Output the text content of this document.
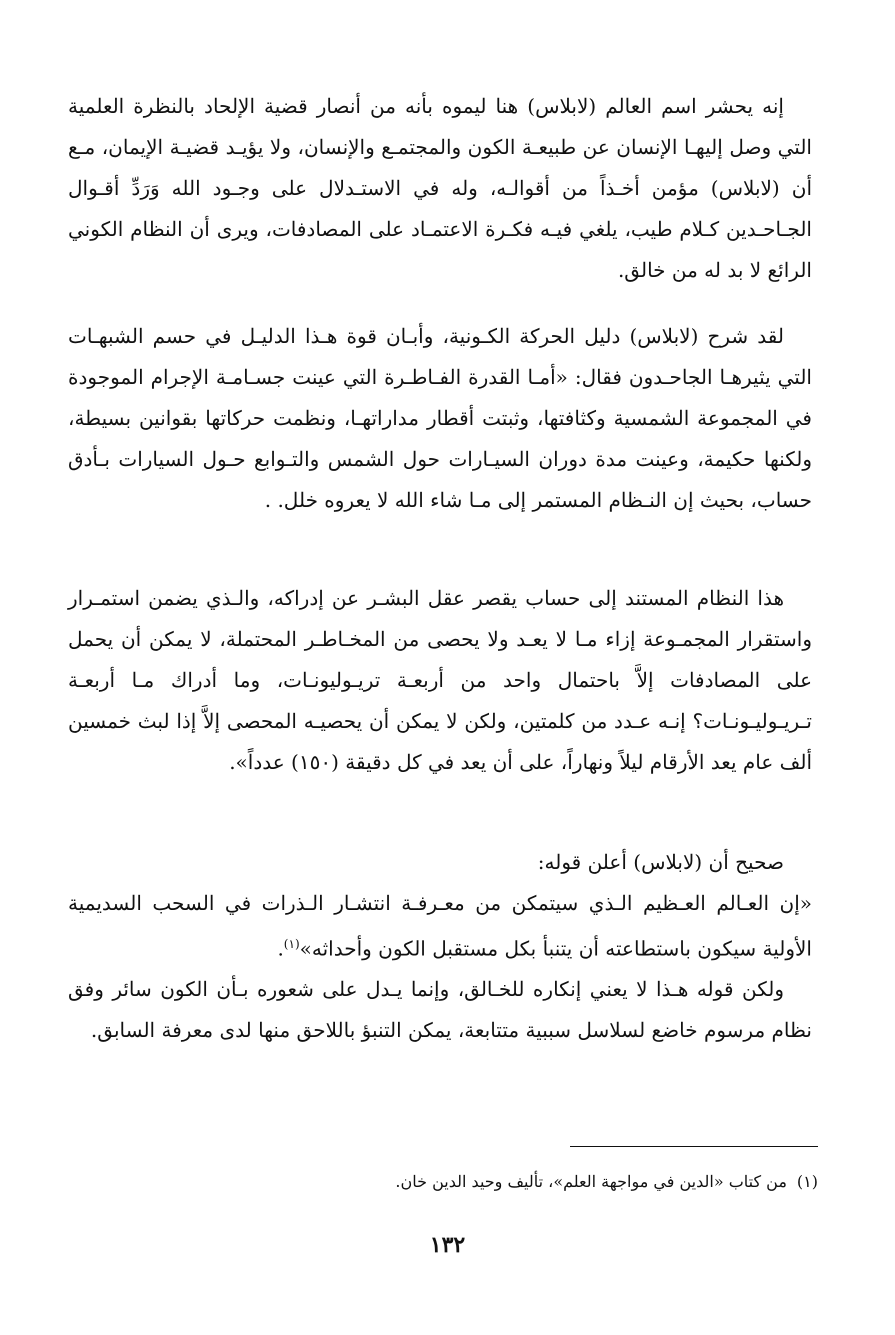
إنه يحشر اسم العالم (لابلاس) هنا ليموه بأنه من أنصار قضية الإلحاد بالنظرة العلمية التي وصل إليهـا الإنسان عن طبيعـة الكون والمجتمـع والإنسان، ولا يؤيـد قضيـة الإيمان، مـع أن (لابلاس) مؤمن أخـذاً من أقوالـه، وله في الاستـدلال على وجـود الله وَرَدِّ أقـوال الجـاحـدين كـلام طيب، يلغي فيـه فكـرة الاعتمـاد على المصادفات، ويرى أن النظام الكوني الرائع لا بد له من خالق.

لقد شرح (لابلاس) دليل الحركة الكـونية، وأبـان قوة هـذا الدليـل في حسم الشبهـات التي يثيرهـا الجاحـدون فقال: «أمـا القدرة الفـاطـرة التي عينت جسـامـة الإجرام الموجودة في المجموعة الشمسية وكثافتها، وثبتت أقطار مداراتهـا، ونظمت حركاتها بقوانين بسيطة، ولكنها حكيمة، وعينت مدة دوران السيـارات حول الشمس والتـوابع حـول السيارات بـأدق حساب، بحيث إن النـظام المستمر إلى مـا شاء الله لا يعروه خلل. .

هذا النظام المستند إلى حساب يقصر عقل البشـر عن إدراكه، والـذي يضمن استمـرار واستقرار المجمـوعة إزاء مـا لا يعـد ولا يحصى من المخـاطـر المحتملة، لا يمكن أن يحمل على المصادفات إلاَّ باحتمال واحد من أربعـة تريـوليونـات، وما أدراك مـا أربعـة تـريـوليـونـات؟ إنـه عـدد من كلمتين، ولكن لا يمكن أن يحصيـه المحصى إلاَّ إذا لبث خمسين ألف عام يعد الأرقام ليلاً ونهاراً، على أن يعد في كل دقيقة (١٥٠) عدداً».

صحيح أن (لابلاس) أعلن قوله:
«إن العـالم العـظيم الـذي سيتمكن من معـرفـة انتشـار الـذرات في السحب السديمية الأولية سيكون باستطاعته أن يتنبأ بكل مستقبل الكون وأحداثه»$^{(١)}$.

ولكن قوله هـذا لا يعني إنكاره للخـالق، وإنما يـدل على شعوره بـأن الكون سائر وفق نظام مرسوم خاضع لسلاسل سببية متتابعة، يمكن التنبؤ باللاحق منها لدى معرفة السابق.

(١)من كتاب «الدين في مواجهة العلم»، تأليف وحيد الدين خان.

١٣٢
